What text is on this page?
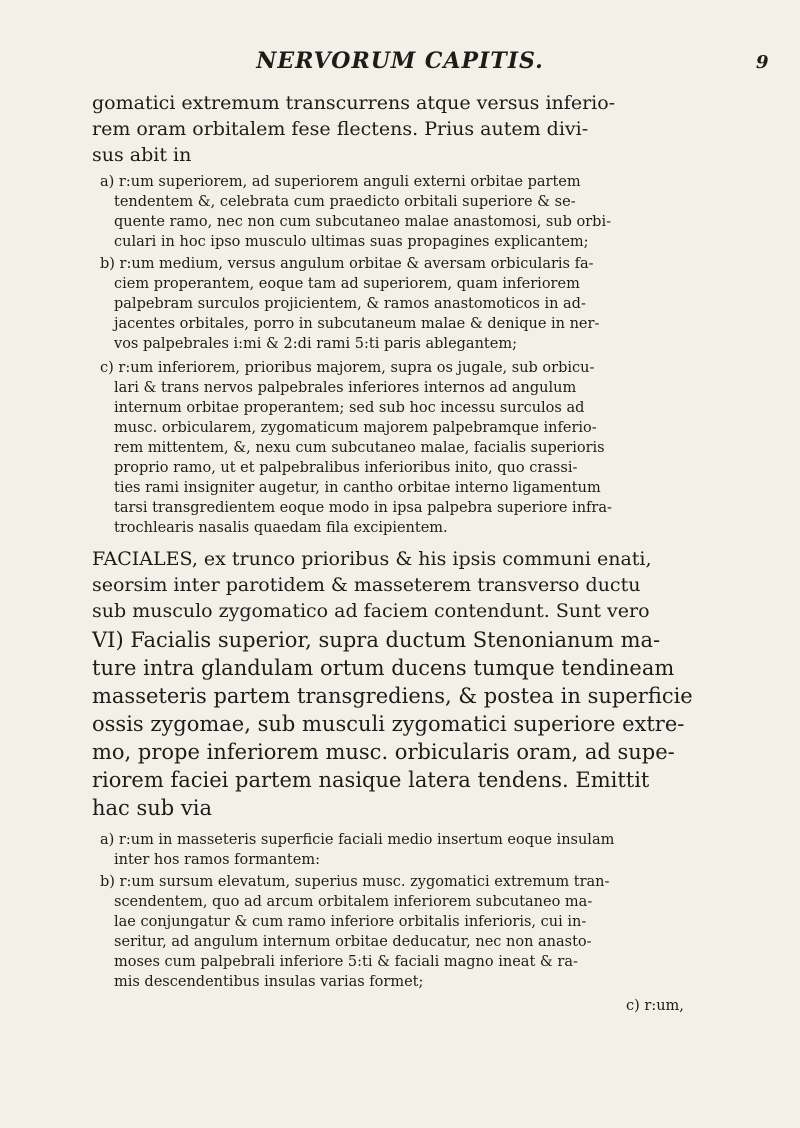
NERVORUM CAPITIS.	9
gomatici extremum transcurrens atque versus inferio-
rem oram orbitalem fese flectens. Prius autem divi-
sus abit in
a) r:um superiorem, ad superiorem anguli externi orbitae partem
tendentem &, celebrata cum praedicto orbitali superiore & se-
quente ramo, nec non cum subcutaneo malae anastomosi, sub orbi-
culari in hoc ipso musculo ultimas suas propagines explicantem;
b) r:um medium, versus angulum orbitae & aversam orbicularis fa-
ciem properantem, eoque tam ad superiorem, quam inferiorem
palpebram surculos projicientem, & ramos anastomoticos in ad-
jacentes orbitales, porro in subcutaneum malae & denique in ner-
vos palpebrales i:mi & 2:di rami 5:ti paris ablegantem;
c) r:um inferiorem, prioribus majorem, supra os jugale, sub orbicu-
lari & trans nervos palpebrales inferiores internos ad angulum
internum orbitae properantem; sed sub hoc incessu surculos ad
musc. orbicularem, zygomaticum majorem palpebramque inferio-
rem mittentem, &, nexu cum subcutaneo malae, facialis superioris
proprio ramo, ut et palpebralibus inferioribus inito, quo crassi-
ties rami insigniter augetur, in cantho orbitae interno ligamentum
tarsi transgredientem eoque modo in ipsa palpebra superiore infra-
trochlearis nasalis quaedam fila excipientem.
FACIALES, ex trunco prioribus & his ipsis communi enati,
seorsim inter parotidem & masseterem transverso ductu
sub musculo zygomatico ad faciem contendunt. Sunt vero
VI) Facialis superior, supra ductum Stenonianum ma-
ture intra glandulam ortum ducens tumque tendineam
masseteris partem transgrediens, & postea in superficie
ossis zygomae, sub musculi zygomatici superiore extre-
mo, prope inferiorem musc. orbicularis oram, ad supe-
riorem faciei partem nasique latera tendens. Emittit
hac sub via
a) r:um in masseteris superficie faciali medio insertum eoque insulam
inter hos ramos formantem:
b) r:um sursum elevatum, superius musc. zygomatici extremum tran-
scendentem, quo ad arcum orbitalem inferiorem subcutaneo ma-
lae conjungatur & cum ramo inferiore orbitalis inferioris, cui in-
seritur, ad angulum internum orbitae deducatur, nec non anasto-
moses cum palpebrali inferiore 5:ti & faciali magno ineat & ra-
mis descendentibus insulas varias formet;
c) r:um,
